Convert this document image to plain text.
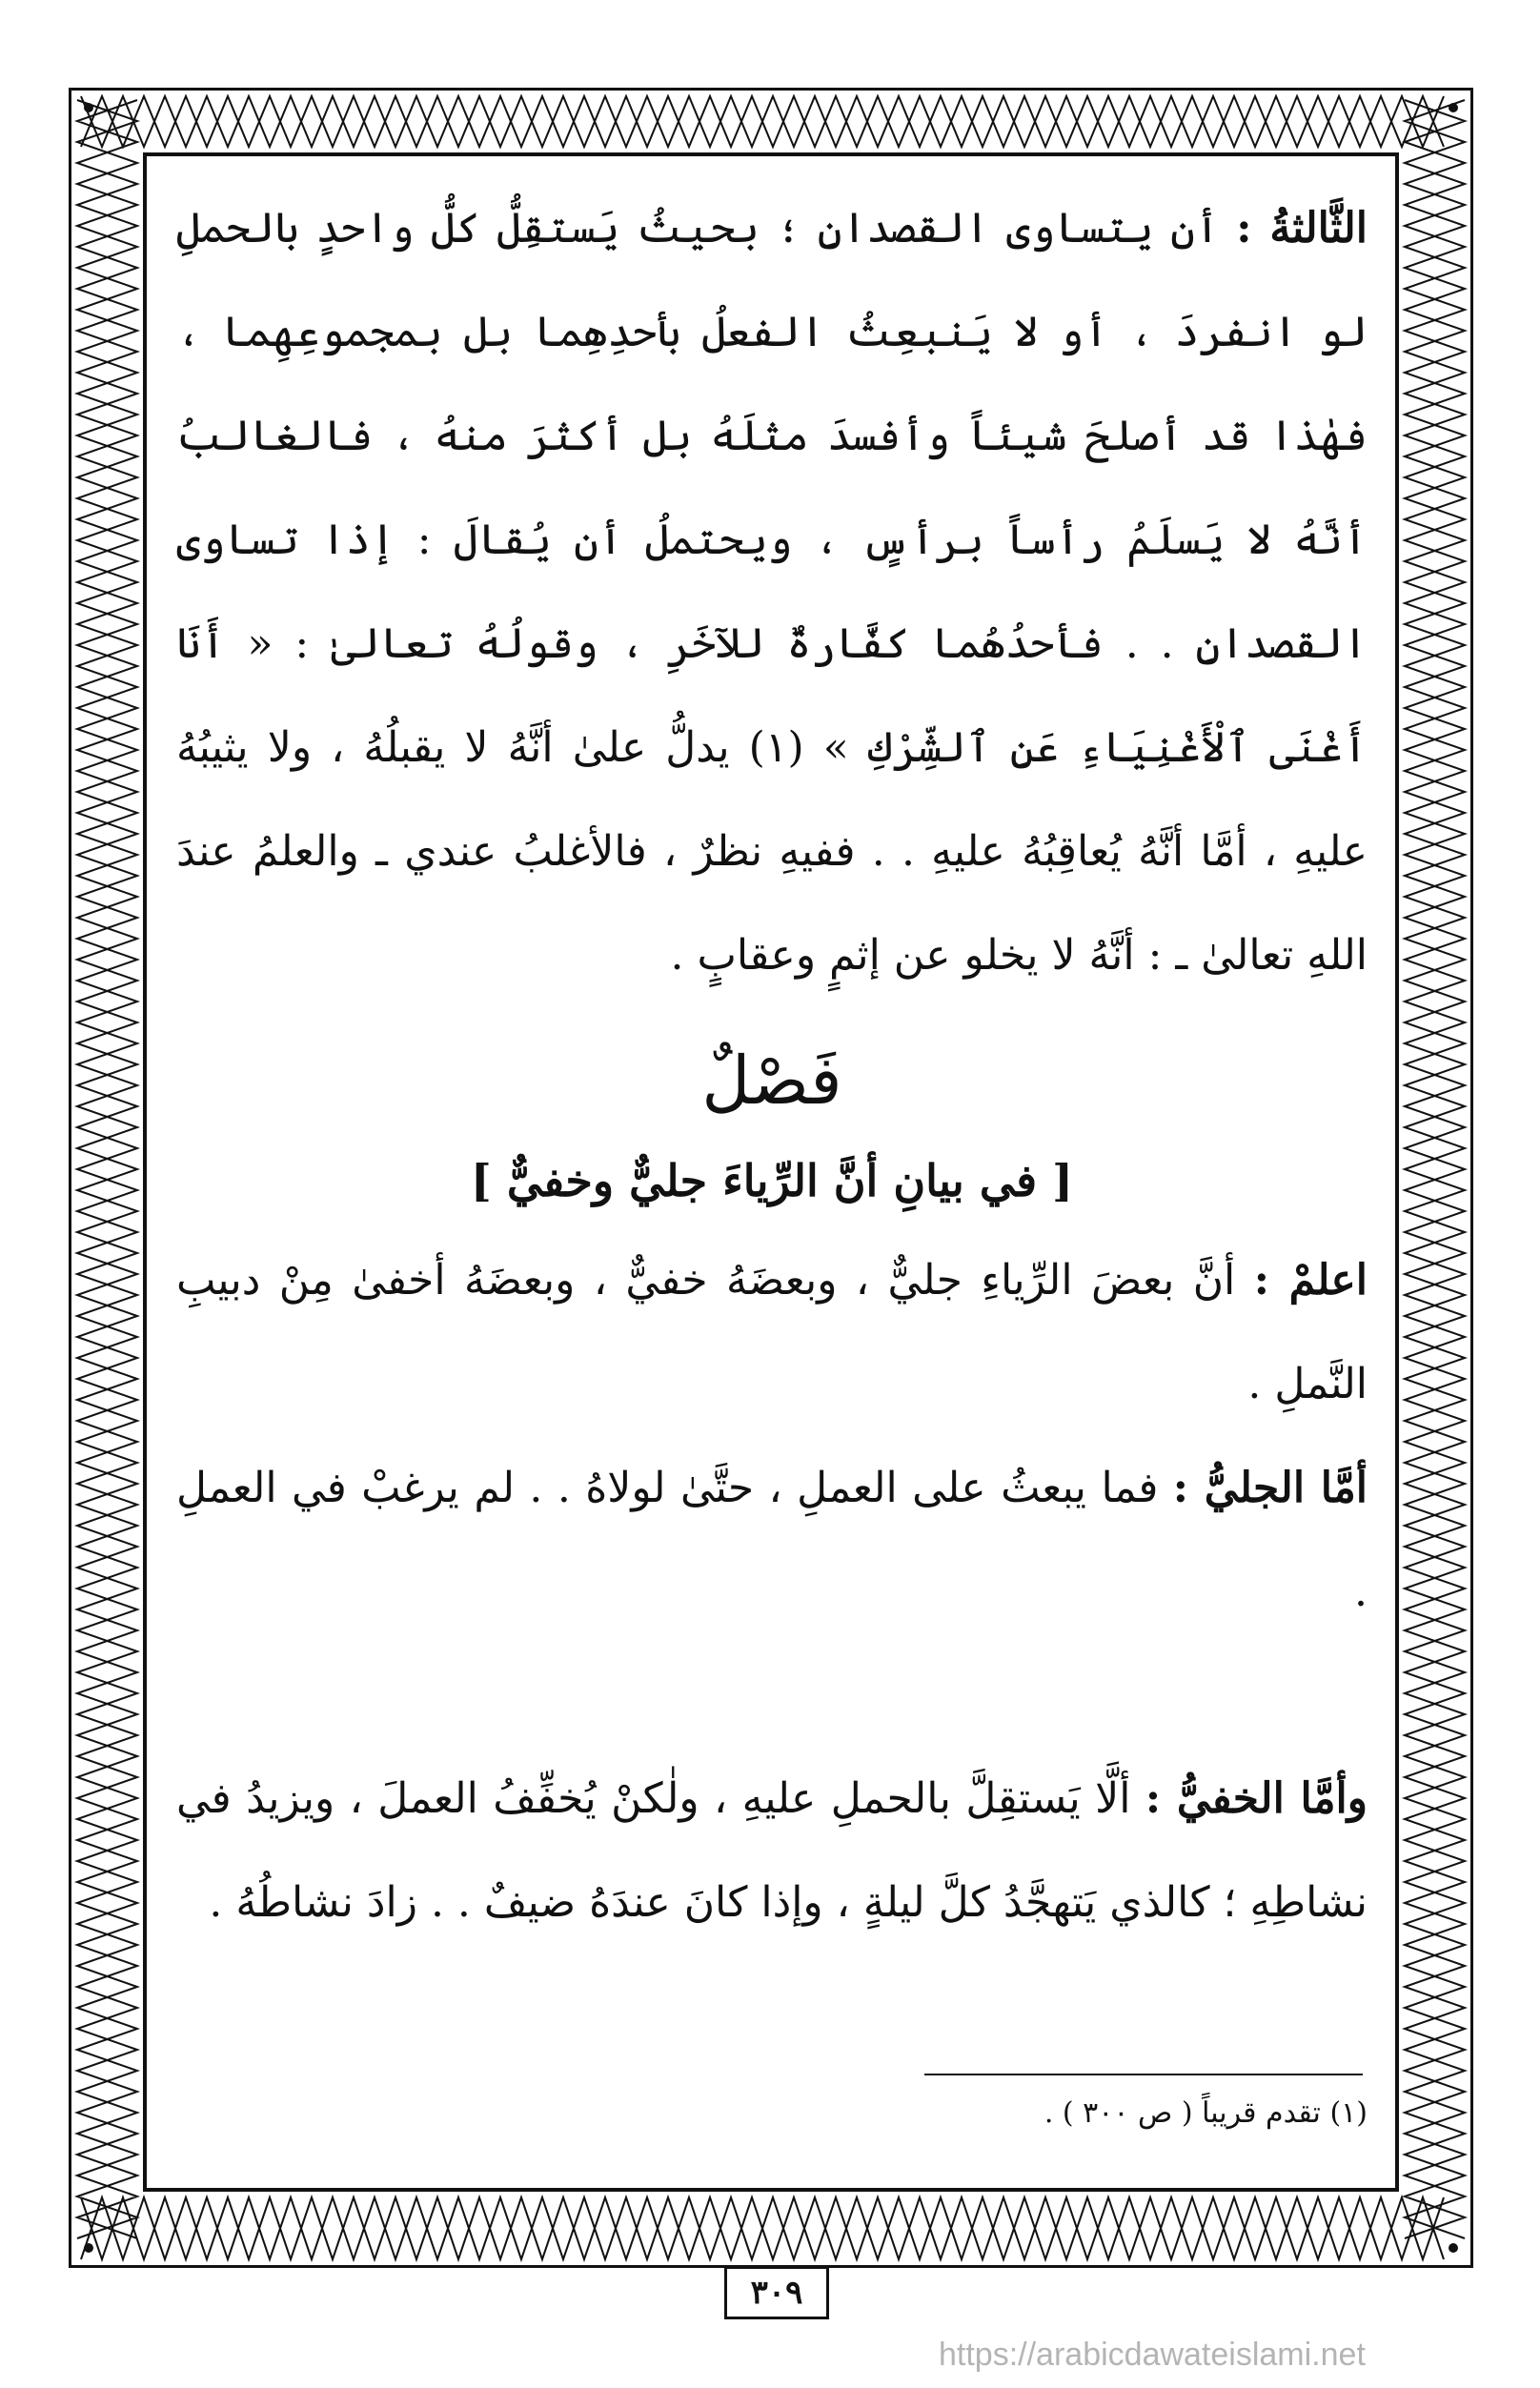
الثَّالثةُ : أن يتساوى القصدانِ ؛ بحيثُ يَستقِلُّ كلُّ واحدٍ بالحملِ لو انفردَ ، أو لا يَنبعِثُ الفعلُ بأحدِهِما بل بمجموعِهِما ، فهٰذا قد أصلحَ شيئاً وأفسدَ مثلَهُ بل أكثرَ منهُ ، فالغالبُ أنَّهُ لا يَسلَمُ رأساً برأسٍ ، ويحتملُ أن يُقالَ : إذا تساوى القصدانِ . . فأحدُهُما كفَّارةٌ للآخَرِ ، وقولُهُ تعالىٰ : « أَنَا أَغْنَى ٱلْأَغْنِيَاءِ عَنِ ٱلشِّرْكِ » (١) يدلُّ علىٰ أنَّهُ لا يقبلُهُ ، ولا يثيبُهُ عليهِ ، أمَّا أنَّهُ يُعاقِبُهُ عليهِ . . ففيهِ نظرٌ ، فالأغلبُ عندي ـ والعلمُ عندَ اللهِ تعالىٰ ـ : أنَّهُ لا يخلو عن إثمٍ وعقابٍ .

فَصْلٌ
[ في بيانِ أنَّ الرِّياءَ جليٌّ وخفيٌّ ]

اعلمْ : أنَّ بعضَ الرِّياءِ جليٌّ ، وبعضَهُ خفيٌّ ، وبعضَهُ أخفىٰ مِنْ دبيبِ النَّملِ .

أمَّا الجليُّ : فما يبعثُ على العملِ ، حتَّىٰ لولاهُ . . لم يرغبْ في العملِ .

وأمَّا الخفيُّ : ألَّا يَستقِلَّ بالحملِ عليهِ ، ولٰكنْ يُخفِّفُ العملَ ، ويزيدُ في نشاطِهِ ؛ كالذي يَتهجَّدُ كلَّ ليلةٍ ، وإذا كانَ عندَهُ ضيفٌ . . زادَ نشاطُهُ .

(١) تقدم قريباً ( ص ٣٠٠ ) .
٣٠٩
https://arabicdawateislami.net
